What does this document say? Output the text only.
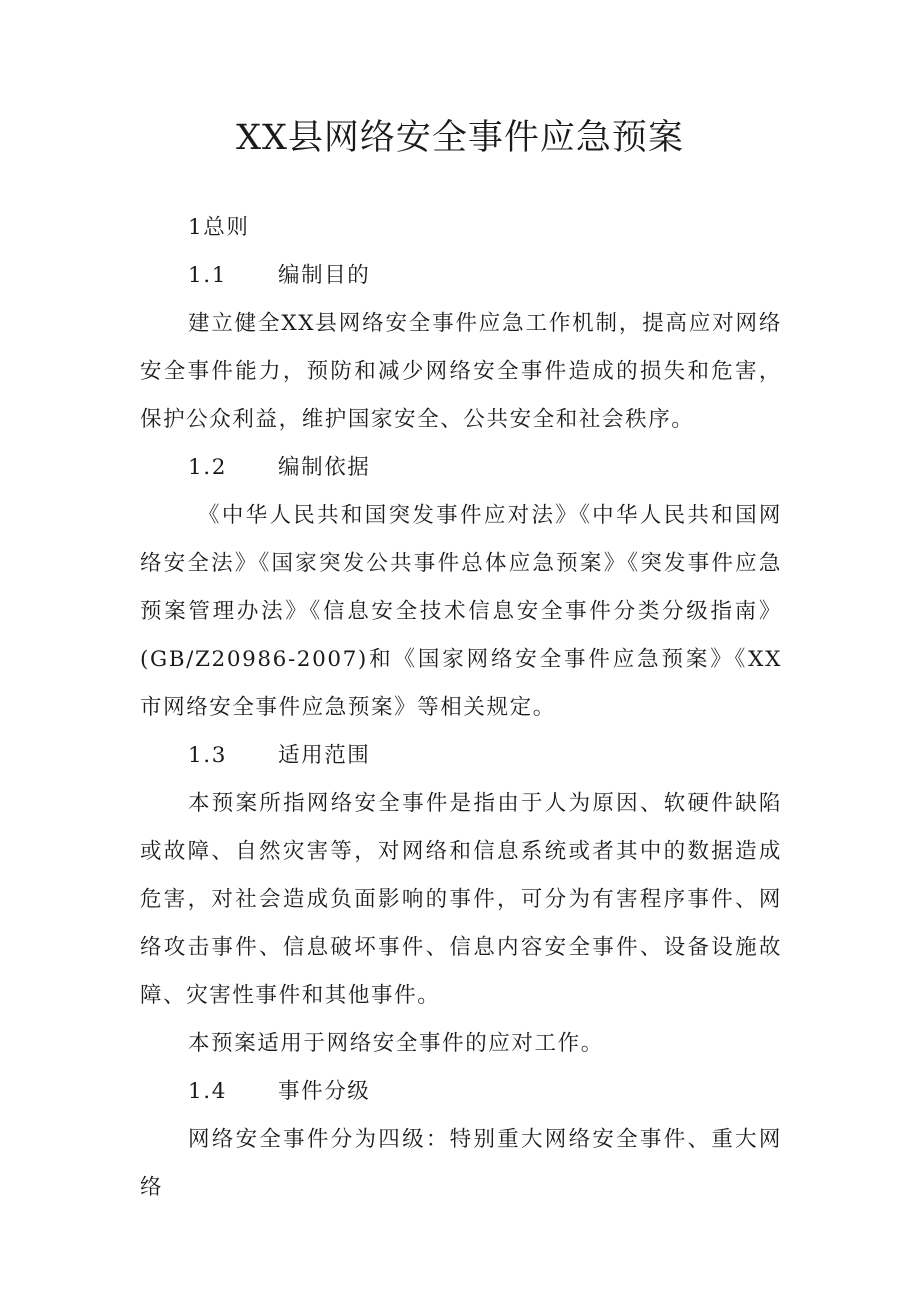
XX县网络安全事件应急预案

1总则

1.1 编制目的

建立健全XX县网络安全事件应急工作机制，提高应对网络安全事件能力，预防和减少网络安全事件造成的损失和危害，保护公众利益，维护国家安全、公共安全和社会秩序。

1.2 编制依据

《中华人民共和国突发事件应对法》《中华人民共和国网络安全法》《国家突发公共事件总体应急预案》《突发事件应急预案管理办法》《信息安全技术信息安全事件分类分级指南》(GB/Z20986-2007)和《国家网络安全事件应急预案》《XX市网络安全事件应急预案》等相关规定。

1.3 适用范围

本预案所指网络安全事件是指由于人为原因、软硬件缺陷或故障、自然灾害等，对网络和信息系统或者其中的数据造成危害，对社会造成负面影响的事件，可分为有害程序事件、网络攻击事件、信息破坏事件、信息内容安全事件、设备设施故障、灾害性事件和其他事件。

本预案适用于网络安全事件的应对工作。

1.4 事件分级

网络安全事件分为四级：特别重大网络安全事件、重大网络
